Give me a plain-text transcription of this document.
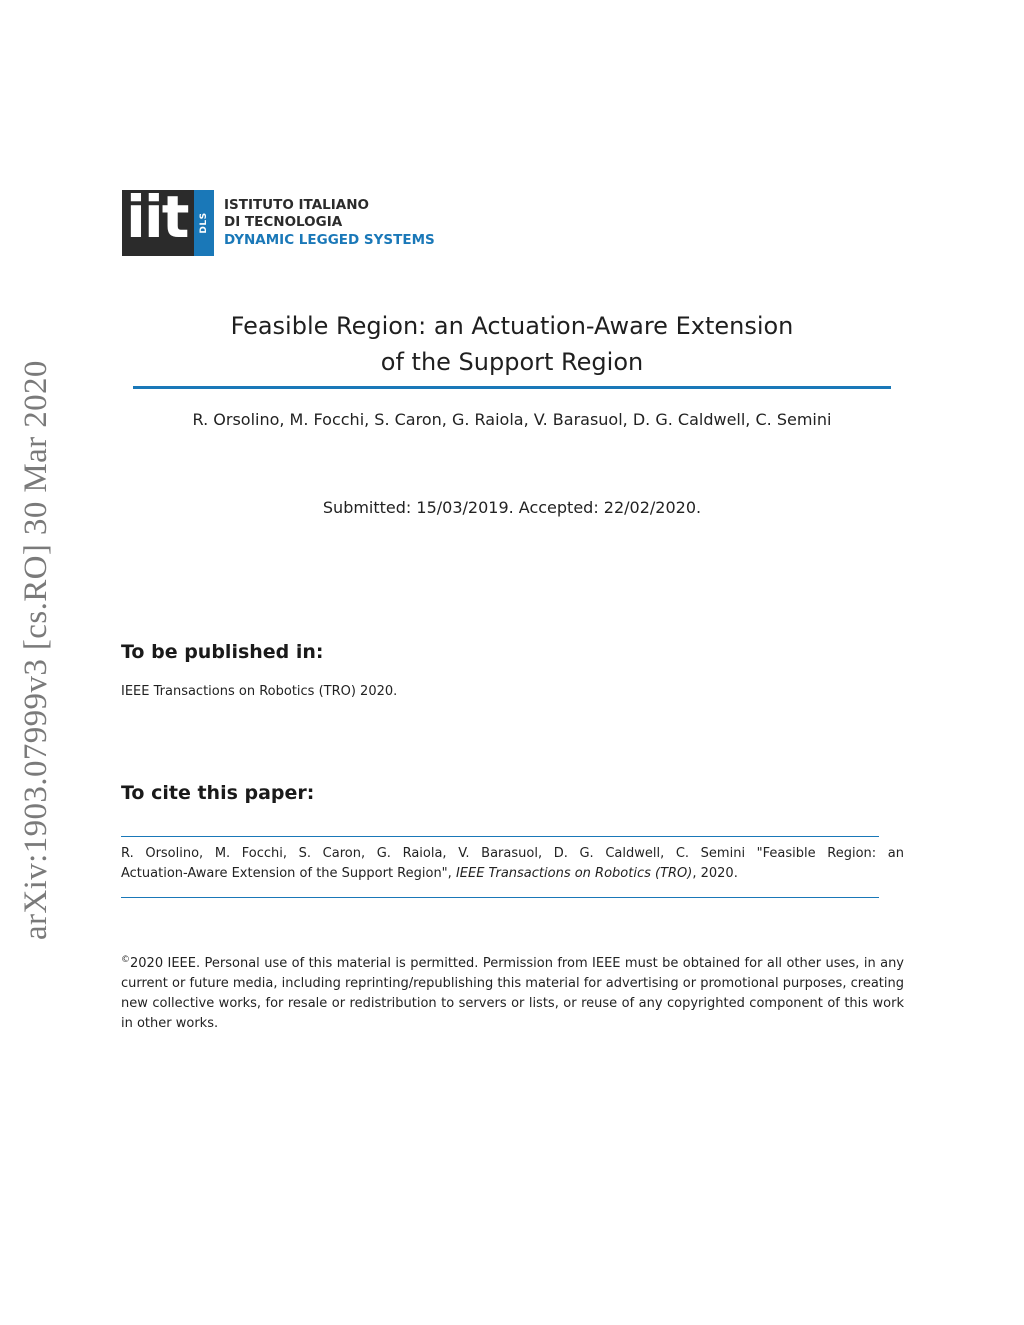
arXiv:1903.07999v3 [cs.RO] 30 Mar 2020
iit DLS
ISTITUTO ITALIANO
DI TECNOLOGIA
DYNAMIC LEGGED SYSTEMS
Feasible Region: an Actuation-Aware Extension
of the Support Region
R. Orsolino, M. Focchi, S. Caron, G. Raiola, V. Barasuol, D. G. Caldwell, C. Semini
Submitted: 15/03/2019. Accepted: 22/02/2020.
To be published in:
IEEE Transactions on Robotics (TRO) 2020.
To cite this paper:
R. Orsolino, M. Focchi, S. Caron, G. Raiola, V. Barasuol, D. G. Caldwell, C. Semini "Feasible Region: an
Actuation-Aware Extension of the Support Region", IEEE Transactions on Robotics (TRO), 2020.
©2020 IEEE. Personal use of this material is permitted. Permission from IEEE must be obtained for all other uses, in any current or future media, including reprinting/republishing this material for advertising or promotional purposes, creating new collective works, for resale or redistribution to servers or lists, or reuse of any copyrighted component of this work in other works.
